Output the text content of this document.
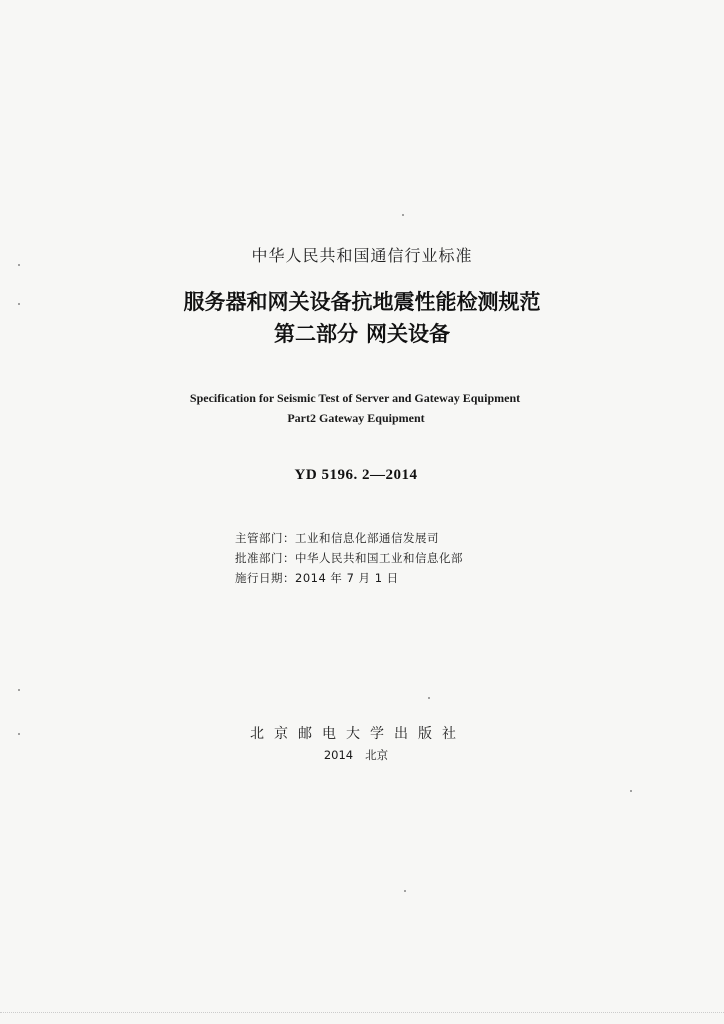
中华人民共和国通信行业标准
服务器和网关设备抗地震性能检测规范
第二部分 网关设备
Specification for Seismic Test of Server and Gateway Equipment
Part2 Gateway Equipment
YD 5196. 2—2014
主管部门：工业和信息化部通信发展司
批准部门：中华人民共和国工业和信息化部
施行日期：2014 年 7 月 1 日
北京邮电大学出版社
2014 北京
